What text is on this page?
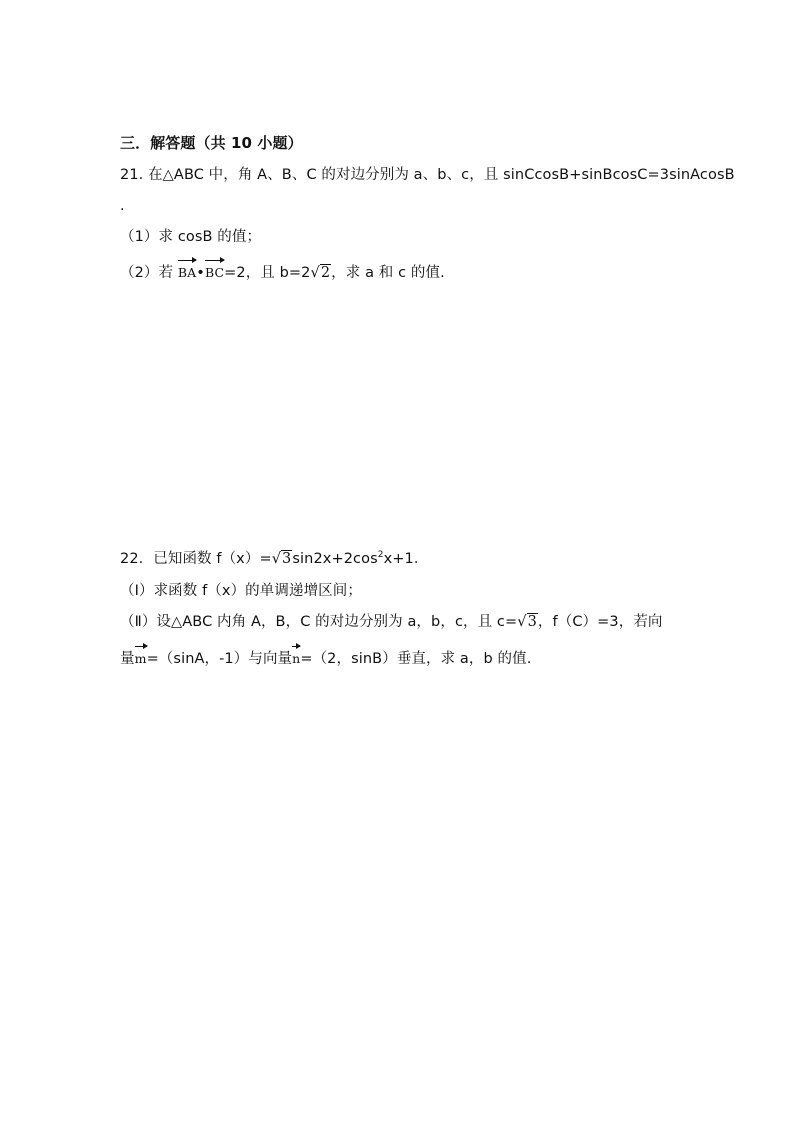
三．解答题（共 10 小题）
21. 在△ABC 中，角 A、B、C 的对边分别为 a、b、c，且 sinCcosB+sinBcosC=3sinAcosB
.
（1）求 cosB 的值；
（2）若 BA•
BC=2，且 b=2√2，求 a 和 c 的值.
22．已知函数 $f(x)=√3\sin 2x+2\cos^2x+1$．
（Ⅰ）求函数 f（x）的单调递增区间；
（Ⅱ）设△ABC 内角 A，B，C 的对边分别为 a，b，c，且 c=√3，f（C）=3，若向
量
m=（sinA，-1）与向量
n=（2，sinB）垂直，求 a，b 的值.
